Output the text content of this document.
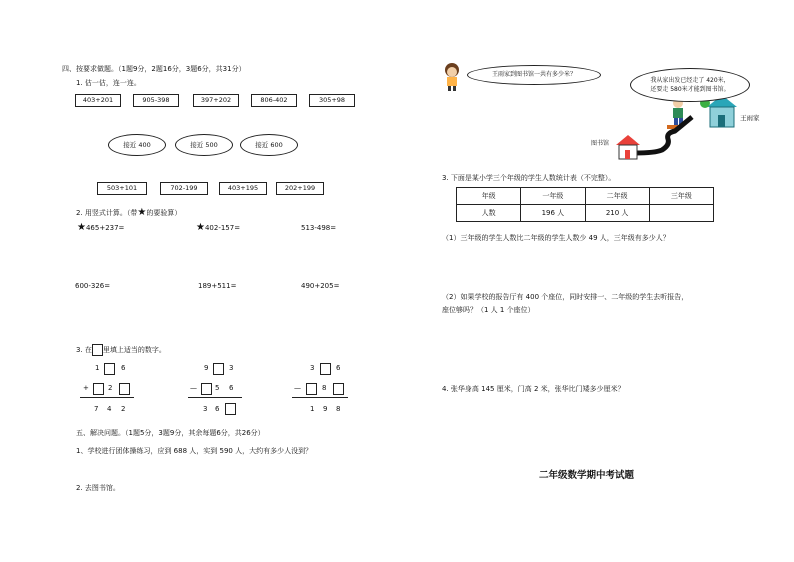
四、按要求做题。（1题9分，2题16分，3题6分，共31分）
1. 估一估，连一连。
403+201	905-398	397+202	806-402	305+98
接近 400	接近 500	接近 600
503+101	702-199	403+195	202+199
2. 用竖式计算。（带★的要验算）
★465+237=	★402-157=	513-498=
600-326=	189+511=	490+205=
3. 在 里填上适当的数字。
1	6
+	2
7 4 2
9	3
—	5 6
3 6
3	6
—	8
1 9 8
五、解决问题。（1题5分，3题9分，其余每题6分，共26分）
1、学校进行团体操练习，应到 688 人，实到 590 人，大约有多少人没到？
2. 去图书馆。
王雨家到图书馆一共有多少米？
我从家出发已经走了 420米，
还要走 580米才能到图书馆。
图书馆
王雨家
3. 下面是某小学三个年级的学生人数统计表（不完整）。
年级	一年级	二年级	三年级
人数	196 人	210 人	
（1）三年级的学生人数比二年级的学生人数少 49 人，三年级有多少人？
（2）如果学校的报告厅有 400 个座位，同时安排一、二年级的学生去听报告，
座位够吗？（1 人 1 个座位）
4. 张华身高 145 厘米，门高 2 米，张华比门矮多少厘米？
二年级数学期中考试题
